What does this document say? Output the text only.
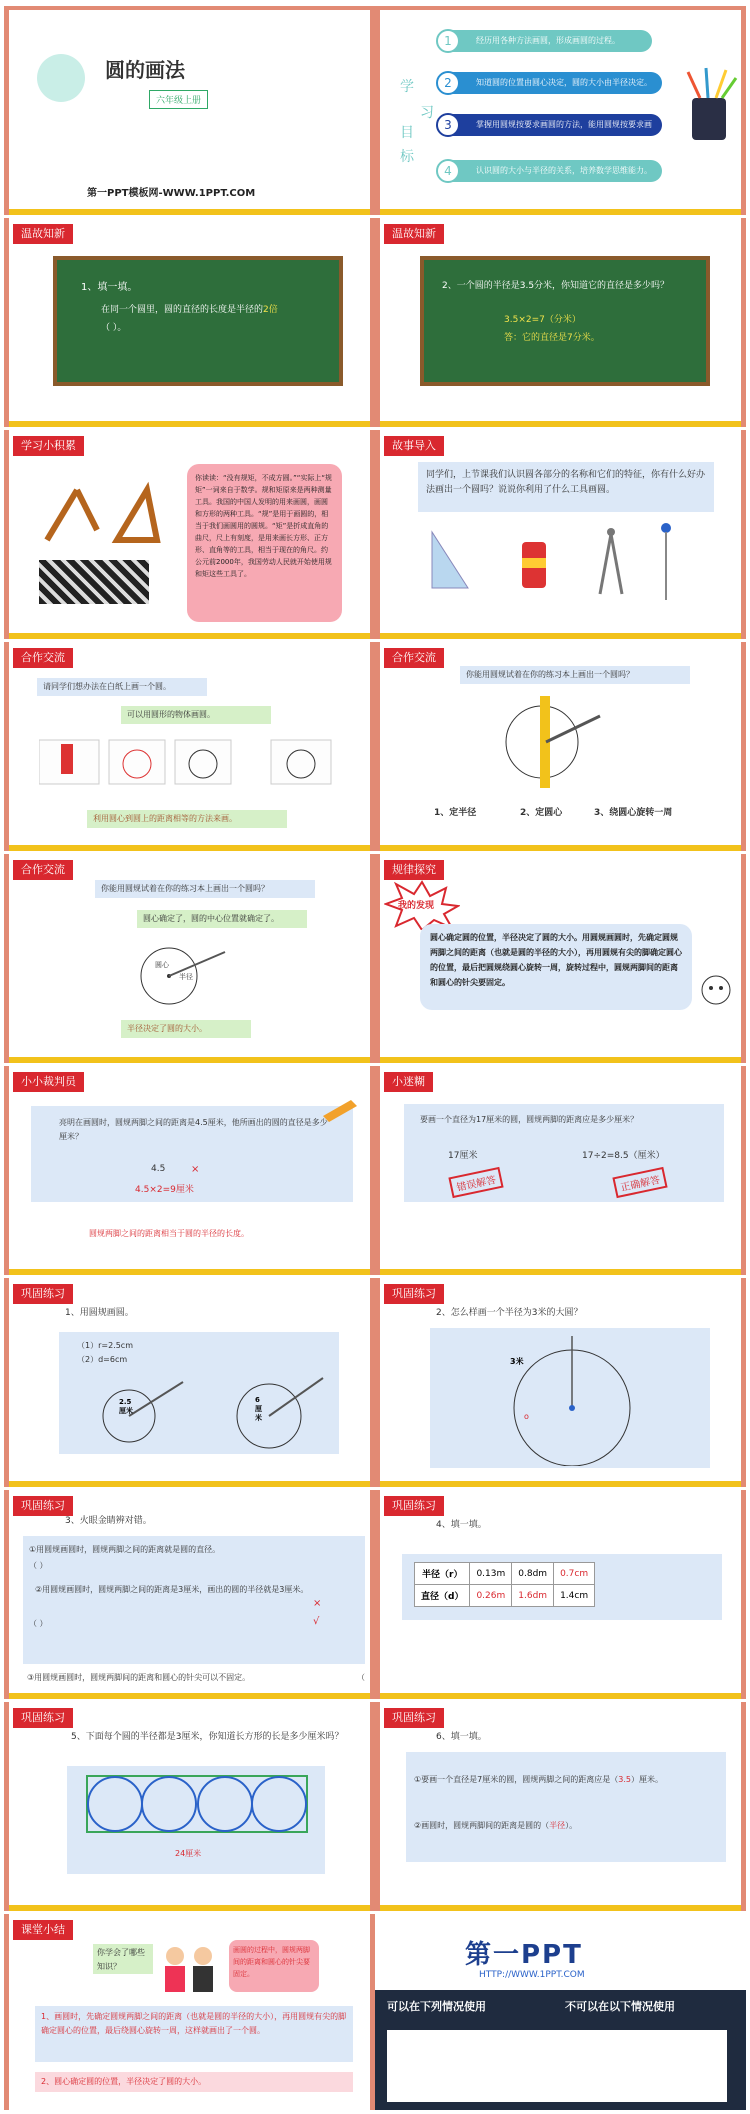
圆的画法
六年级上册
第一PPT模板网-WWW.1PPT.COM
学
习
目
标
经历用各种方法画圆，形成画圆的过程。
1
知道圆的位置由圆心决定，圆的大小由半径决定。
2
掌握用圆规按要求画圆的方法，能用圆规按要求画圆。
3
认识圆的大小与半径的关系，培养数学思维能力。
4
温故知新
1、填一填。
在同一个圆里，圆的直径的长度是半径的2倍
（ ）。
温故知新
2、一个圆的半径是3.5分米，你知道它的直径是多少吗？
3.5×2=7（分米）
答：它的直径是7分米。
学习小积累
你读读：“没有规矩，不成方圆。”“实际上“规矩”一词来自于数学。规和矩原来是两种测量工具。我国的中国人发明的用来画圆，画圆和方形的两种工具。“规”是用于画圆的，相当于我们画圆用的圆规。“矩”是折成直角的曲尺，尺上有刻度，是用来画长方形、正方形、直角等的工具，相当于现在的角尺。约公元前2000年，我国劳动人民就开始使用规和矩这些工具了。
故事导入
同学们，上节课我们认识圆各部分的名称和它们的特征，你有什么好办法画出一个圆吗？说说你利用了什么工具画圆。
合作交流
请同学们想办法在白纸上画一个圆。
可以用圆形的物体画圆。
利用圆心到圆上的距离相等的方法来画。
合作交流
你能用圆规试着在你的练习本上画出一个圆吗？
1、定半径	2、定圆心	3、绕圆心旋转一周
合作交流
你能用圆规试着在你的练习本上画出一个圆吗？
圆心确定了，圆的中心位置就确定了。
圆心
半径
半径决定了圆的大小。
规律探究
我的发现
圆心确定圆的位置，半径决定了圆的大小。用圆规画圆时，先确定圆规两脚之间的距离（也就是圆的半径的大小），再用圆规有尖的脚确定圆心的位置，最后把圆规绕圆心旋转一周，旋转过程中，圆规两脚间的距离和圆心的针尖要固定。
小小裁判员
亮明在画圆时，圆规两脚之间的距离是4.5厘米，他所画出的圆的直径是多少厘米？
4.5	×
4.5×2=9厘米
圆规两脚之间的距离相当于圆的半径的长度。
小迷糊
要画一个直径为17厘米的圆，圆规两脚的距离应是多少厘米？
17厘米	17÷2=8.5（厘米）
错误解答	正确解答
巩固练习
1、用圆规画圆。
（1）r=2.5cm
（2）d=6cm
2.5厘米
6厘米
巩固练习
2、怎么样画一个半径为3米的大圆？
3米
o
巩固练习
3、火眼金睛辨对错。
①用圆规画圆时，圆规两脚之间的距离就是圆的直径。
（ ）
②用圆规画圆时，圆规两脚之间的距离是3厘米，画出的圆的半径就是3厘米。
×
（ ）	√
③用圆规画圆时，圆规两脚间的距离和圆心的针尖可以不固定。	（
巩固练习
4、填一填。
半径（r）	0.13m	0.8dm	0.7cm
直径（d）	0.26m	1.6dm	1.4cm
巩固练习
5、下面每个圆的半径都是3厘米，你知道长方形的长是多少厘米吗？
24厘米
巩固练习
6、填一填。
①要画一个直径是7厘米的圆，圆规两脚之间的距离应是（3.5）厘米。
②画圆时，圆规两脚间的距离是圆的（半径）。
课堂小结
你学会了哪些知识？
画圆的过程中，圆规两脚间的距离和圆心的针尖要固定。
1、画圆时，先确定圆规两脚之间的距离（也就是圆的半径的大小），再用圆规有尖的脚确定圆心的位置，最后绕圆心旋转一周，这样就画出了一个圆。
2、圆心确定圆的位置，半径决定了圆的大小。
第一PPT
HTTP://WWW.1PPT.COM
可以在下列情况使用	不可以在以下情况使用
